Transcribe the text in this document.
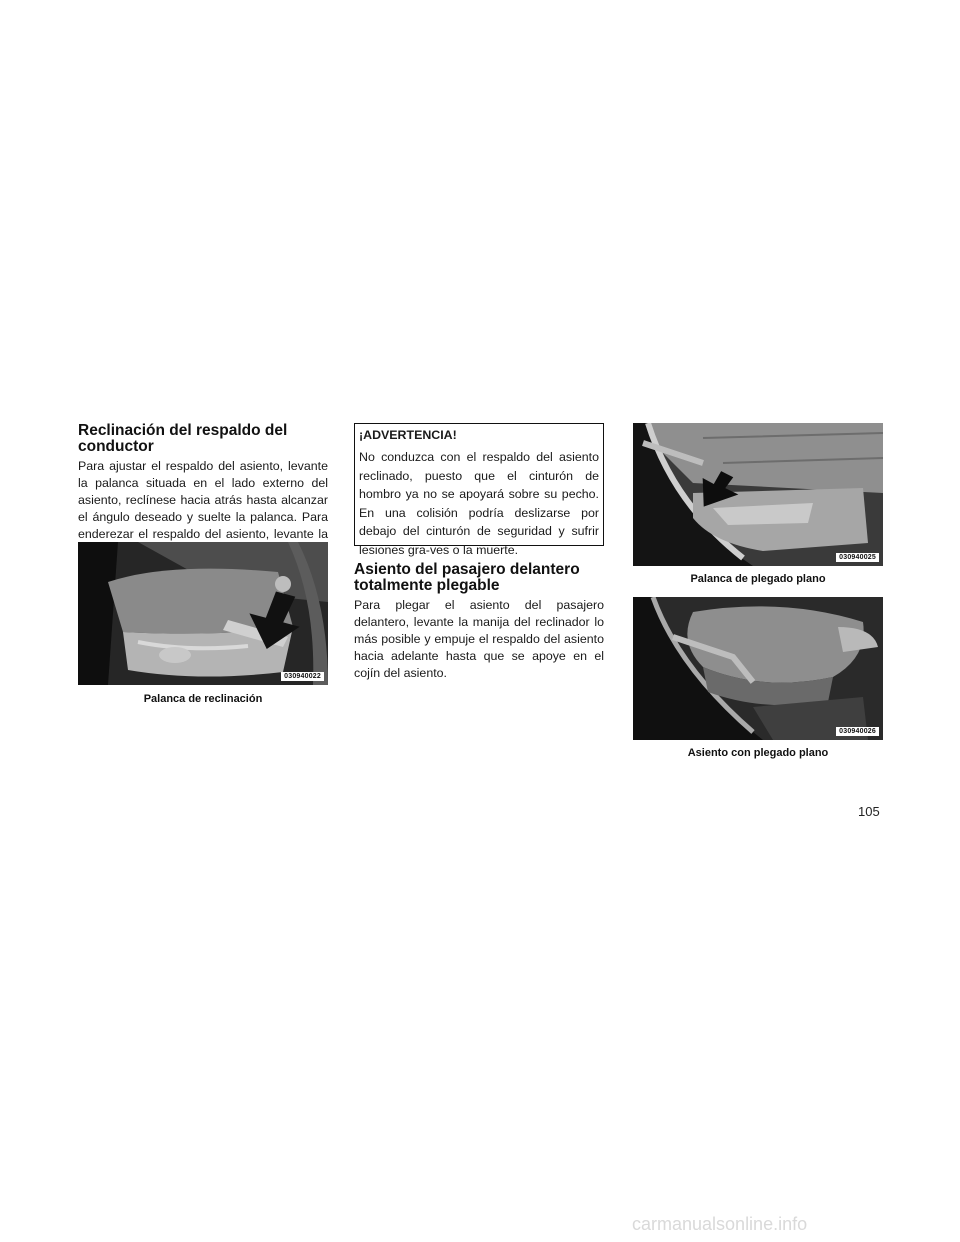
Reclinación del respaldo del conductor

Para ajustar el respaldo del asiento, levante la palanca situada en el lado externo del asiento, reclínese hacia atrás hasta alcanzar el ángulo deseado y suelte la palanca. Para enderezar el respaldo del asiento, levante la

030940022
Palanca de reclinación

¡ADVERTENCIA!

No conduzca con el respaldo del asiento reclinado, puesto que el cinturón de hombro ya no se apoyará sobre su pecho. En una colisión podría deslizarse por debajo del cinturón de seguridad y sufrir lesiones gra-ves o la muerte.

Asiento del pasajero delantero totalmente plegable

Para plegar el asiento del pasajero delantero, levante la manija del reclinador lo más posible y empuje el respaldo del asiento hacia adelante hasta que se apoye en el cojín del asiento.

030940025
Palanca de plegado plano
030940026
Asiento con plegado plano
105
carmanualsonline.info
